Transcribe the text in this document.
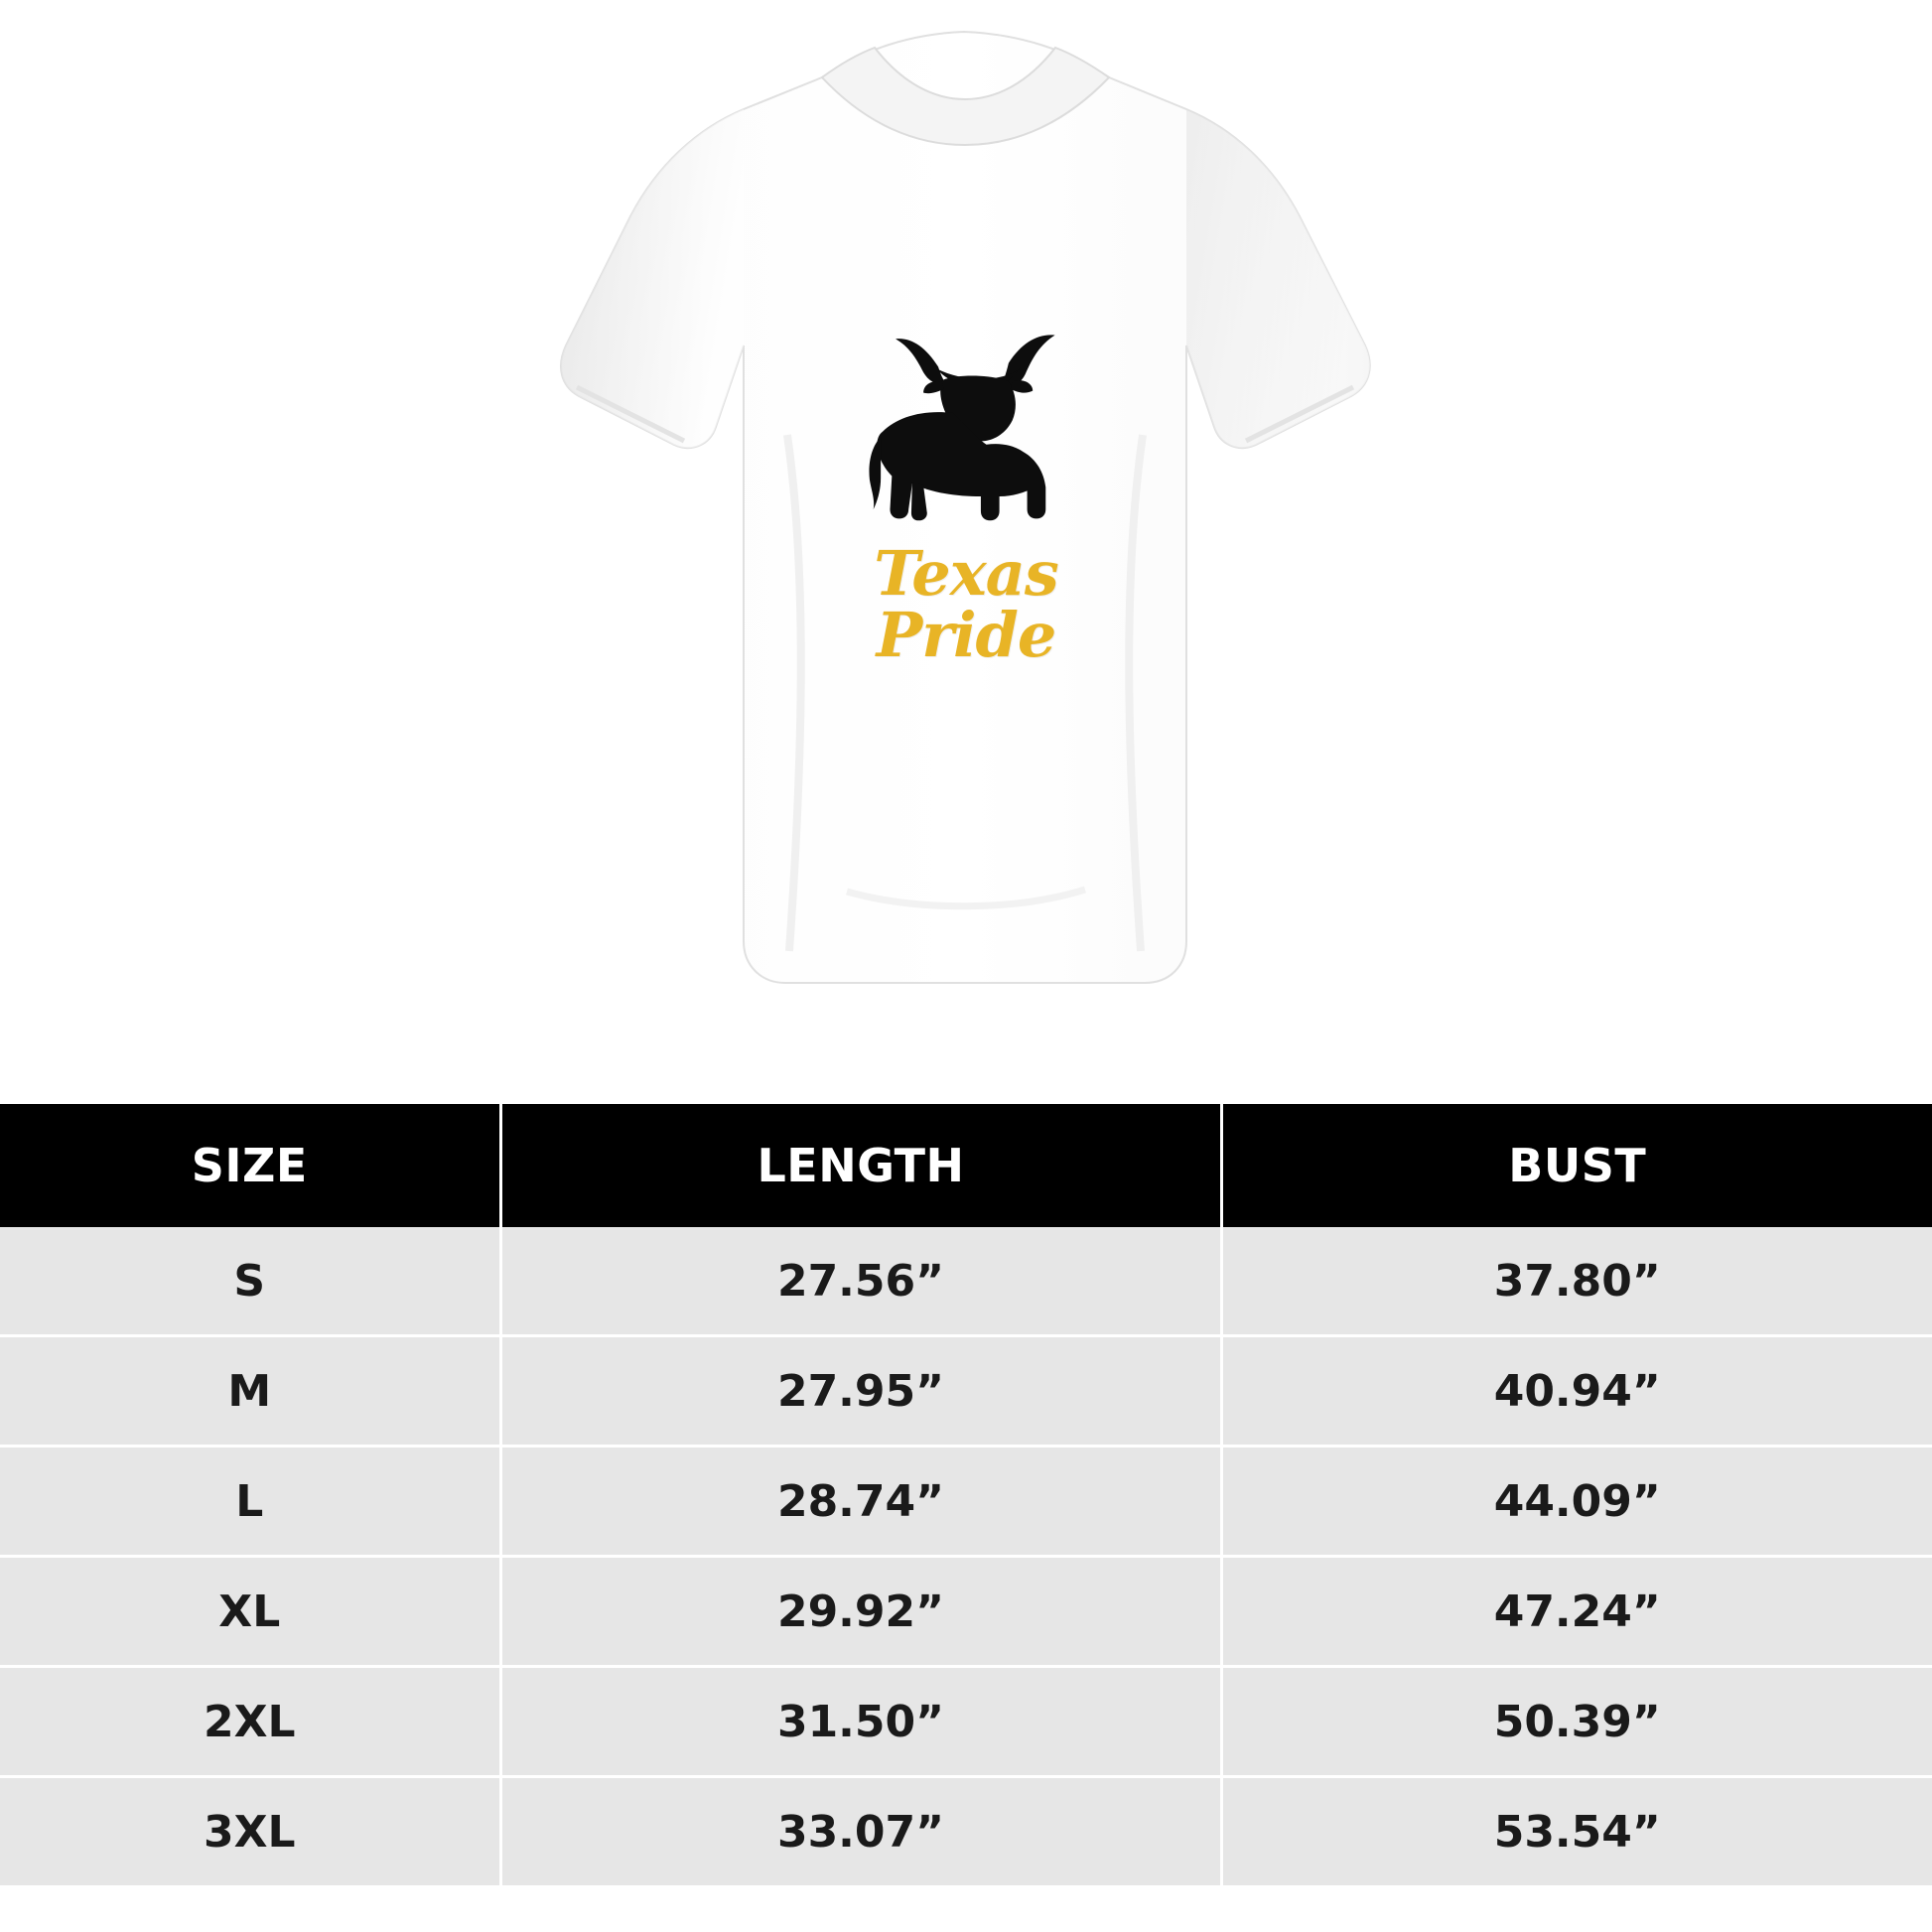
Texas Pride
SIZE	LENGTH	BUST
S	27.56”	37.80”
M	27.95”	40.94”
L	28.74”	44.09”
XL	29.92”	47.24”
2XL	31.50”	50.39”
3XL	33.07”	53.54”
